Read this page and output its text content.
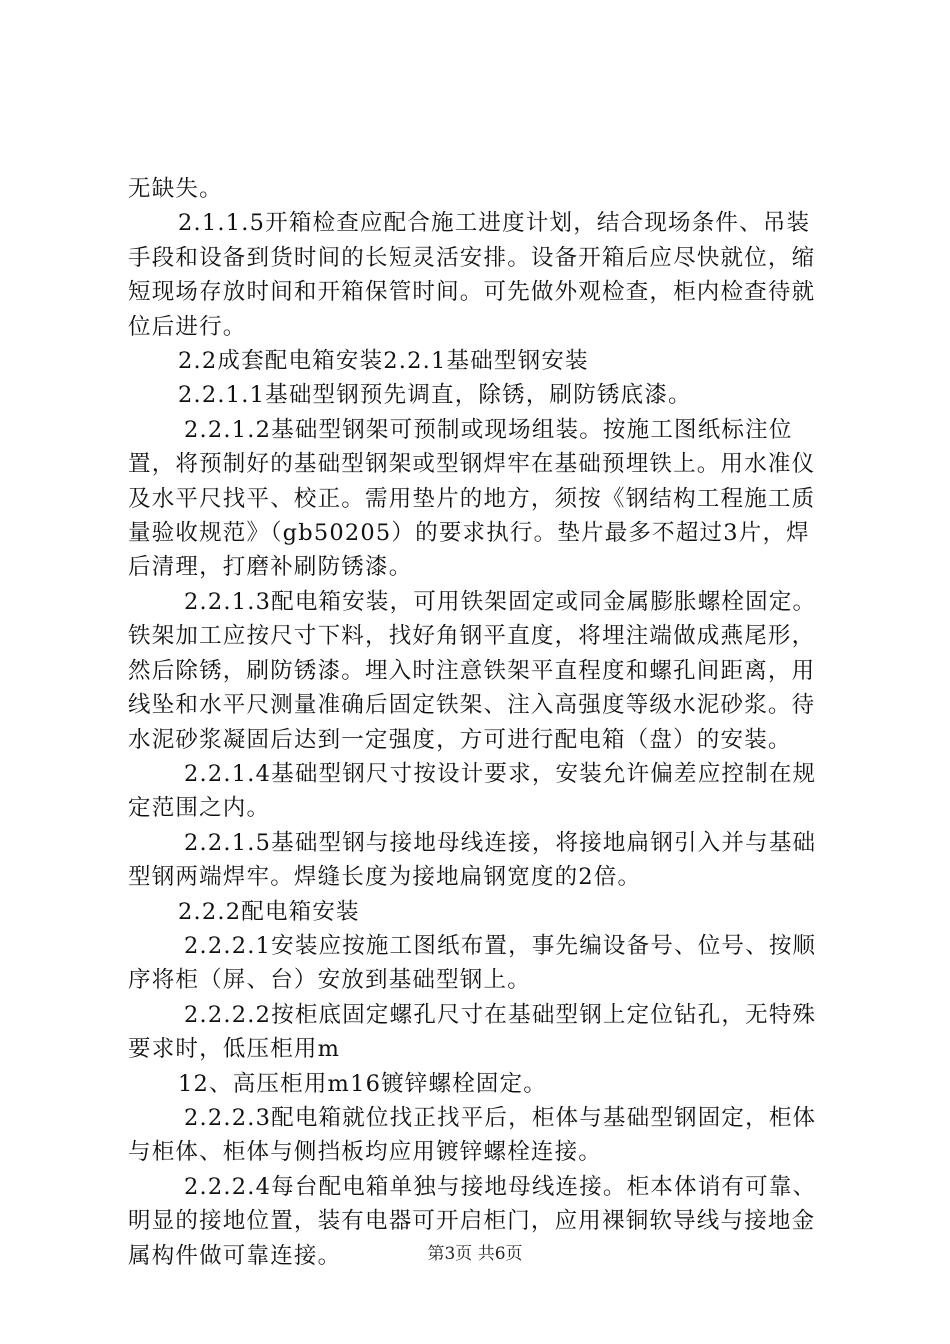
无缺失。

2.1.1.5开箱检查应配合施工进度计划，结合现场条件、吊装手段和设备到货时间的长短灵活安排。设备开箱后应尽快就位，缩短现场存放时间和开箱保管时间。可先做外观检查，柜内检查待就位后进行。

2.2成套配电箱安装2.2.1基础型钢安装

2.2.1.1基础型钢预先调直，除锈，刷防锈底漆。

2.2.1.2基础型钢架可预制或现场组装。按施工图纸标注位置，将预制好的基础型钢架或型钢焊牢在基础预埋铁上。用水准仪及水平尺找平、校正。需用垫片的地方，须按《钢结构工程施工质量验收规范》（gb50205）的要求执行。垫片最多不超过3片，焊后清理，打磨补刷防锈漆。

2.2.1.3配电箱安装，可用铁架固定或同金属膨胀螺栓固定。铁架加工应按尺寸下料，找好角钢平直度，将埋注端做成燕尾形，然后除锈，刷防锈漆。埋入时注意铁架平直程度和螺孔间距离，用线坠和水平尺测量准确后固定铁架、注入高强度等级水泥砂浆。待水泥砂浆凝固后达到一定强度，方可进行配电箱（盘）的安装。

2.2.1.4基础型钢尺寸按设计要求，安装允许偏差应控制在规定范围之内。

2.2.1.5基础型钢与接地母线连接，将接地扁钢引入并与基础型钢两端焊牢。焊缝长度为接地扁钢宽度的2倍。

2.2.2配电箱安装

2.2.2.1安装应按施工图纸布置，事先编设备号、位号、按顺序将柜（屏、台）安放到基础型钢上。

2.2.2.2按柜底固定螺孔尺寸在基础型钢上定位钻孔，无特殊要求时，低压柜用m

12、高压柜用m16镀锌螺栓固定。

2.2.2.3配电箱就位找正找平后，柜体与基础型钢固定，柜体与柜体、柜体与侧挡板均应用镀锌螺栓连接。

2.2.2.4每台配电箱单独与接地母线连接。柜本体诮有可靠、明显的接地位置，装有电器可开启柜门，应用裸铜软导线与接地金属构件做可靠连接。	第3页 共6页
